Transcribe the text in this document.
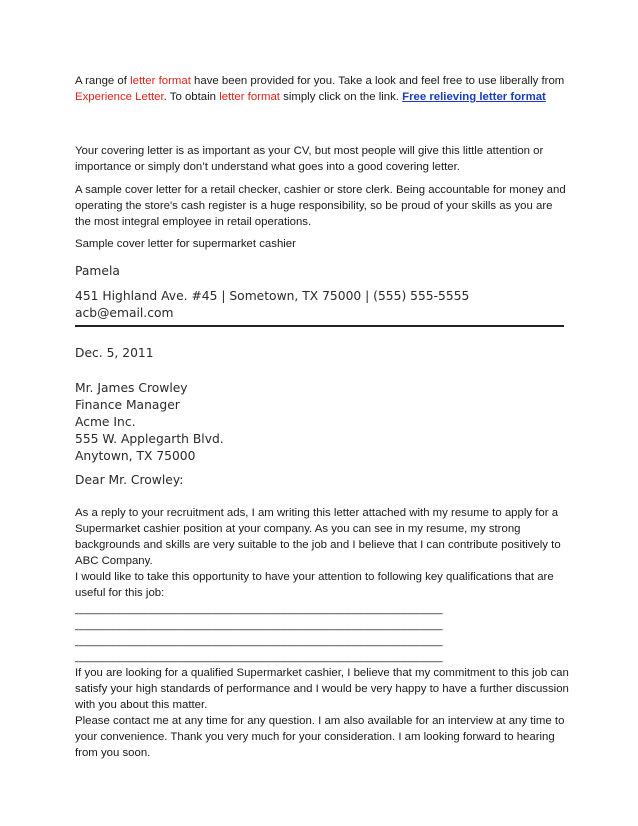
A range of letter format have been provided for you. Take a look and feel free to use liberally from Experience Letter. To obtain letter format simply click on the link. Free relieving letter format
Your covering letter is as important as your CV, but most people will give this little attention or importance or simply don’t understand what goes into a good covering letter.
A sample cover letter for a retail checker, cashier or store clerk. Being accountable for money and operating the store's cash register is a huge responsibility, so be proud of your skills as you are the most integral employee in retail operations.
Sample cover letter for supermarket cashier
Pamela
451 Highland Ave. #45 | Sometown, TX 75000 | (555) 555-5555
acb@email.com
Dec. 5, 2011
Mr. James Crowley
Finance Manager
Acme Inc.
555 W. Applegarth Blvd.
Anytown, TX 75000
Dear Mr. Crowley:
As a reply to your recruitment ads, I am writing this letter attached with my resume to apply for a Supermarket cashier position at your company. As you can see in my resume, my strong backgrounds and skills are very suitable to the job and I believe that I can contribute positively to ABC Company.
I would like to take this opportunity to have your attention to following key qualifications that are useful for this job:
__________________________________________________________
__________________________________________________________
__________________________________________________________
__________________________________________________________
If you are looking for a qualified Supermarket cashier, I believe that my commitment to this job can satisfy your high standards of performance and I would be very happy to have a further discussion with you about this matter.
Please contact me at any time for any question. I am also available for an interview at any time to your convenience. Thank you very much for your consideration. I am looking forward to hearing from you soon.
